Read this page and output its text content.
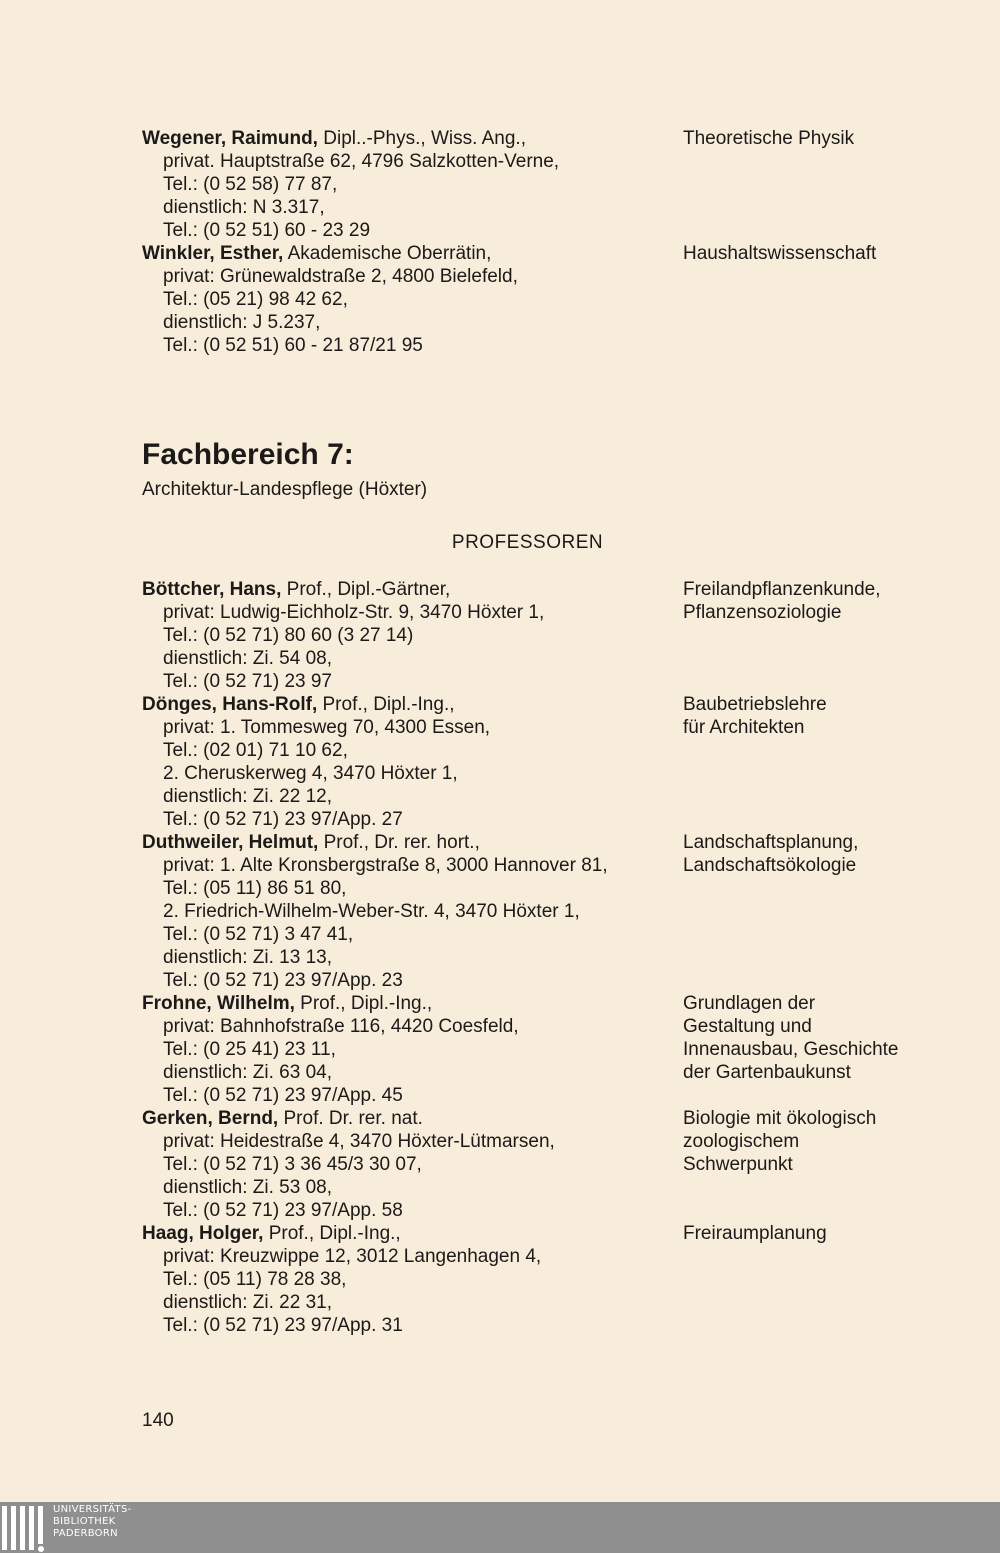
Wegener, Raimund, Dipl..-Phys., Wiss. Ang.,
privat. Hauptstraße 62, 4796 Salzkotten-Verne,
Tel.: (0 52 58) 77 87,
dienstlich: N 3.317,
Tel.: (0 52 51) 60 - 23 29
Theoretische Physik
Winkler, Esther, Akademische Oberrätin,
privat: Grünewaldstraße 2, 4800 Bielefeld,
Tel.: (05 21) 98 42 62,
dienstlich: J 5.237,
Tel.: (0 52 51) 60 - 21 87/21 95
Haushaltswissenschaft
Fachbereich 7:
Architektur-Landespflege (Höxter)
PROFESSOREN
Böttcher, Hans, Prof., Dipl.-Gärtner,
privat: Ludwig-Eichholz-Str. 9, 3470 Höxter 1,
Tel.: (0 52 71) 80 60 (3 27 14)
dienstlich: Zi. 54 08,
Tel.: (0 52 71) 23 97
Freilandpflanzenkunde,
Pflanzensoziologie
Dönges, Hans-Rolf, Prof., Dipl.-Ing.,
privat: 1. Tommesweg 70, 4300 Essen,
Tel.: (02 01) 71 10 62,
2. Cheruskerweg 4, 3470 Höxter 1,
dienstlich: Zi. 22 12,
Tel.: (0 52 71) 23 97/App. 27
Baubetriebslehre
für Architekten
Duthweiler, Helmut, Prof., Dr. rer. hort.,
privat: 1. Alte Kronsbergstraße 8, 3000 Hannover 81,
Tel.: (05 11) 86 51 80,
2. Friedrich-Wilhelm-Weber-Str. 4, 3470 Höxter 1,
Tel.: (0 52 71) 3 47 41,
dienstlich: Zi. 13 13,
Tel.: (0 52 71) 23 97/App. 23
Landschaftsplanung,
Landschaftsökologie
Frohne, Wilhelm, Prof., Dipl.-Ing.,
privat: Bahnhofstraße 116, 4420 Coesfeld,
Tel.: (0 25 41) 23 11,
dienstlich: Zi. 63 04,
Tel.: (0 52 71) 23 97/App. 45
Grundlagen der
Gestaltung und
Innenausbau, Geschichte
der Gartenbaukunst
Gerken, Bernd, Prof. Dr. rer. nat.
privat: Heidestraße 4, 3470 Höxter-Lütmarsen,
Tel.: (0 52 71) 3 36 45/3 30 07,
dienstlich: Zi. 53 08,
Tel.: (0 52 71) 23 97/App. 58
Biologie mit ökologisch
zoologischem
Schwerpunkt
Haag, Holger, Prof., Dipl.-Ing.,
privat: Kreuzwippe 12, 3012 Langenhagen 4,
Tel.: (05 11) 78 28 38,
dienstlich: Zi. 22 31,
Tel.: (0 52 71) 23 97/App. 31
Freiraumplanung
140
UNIVERSITÄTS-
BIBLIOTHEK
PADERBORN
